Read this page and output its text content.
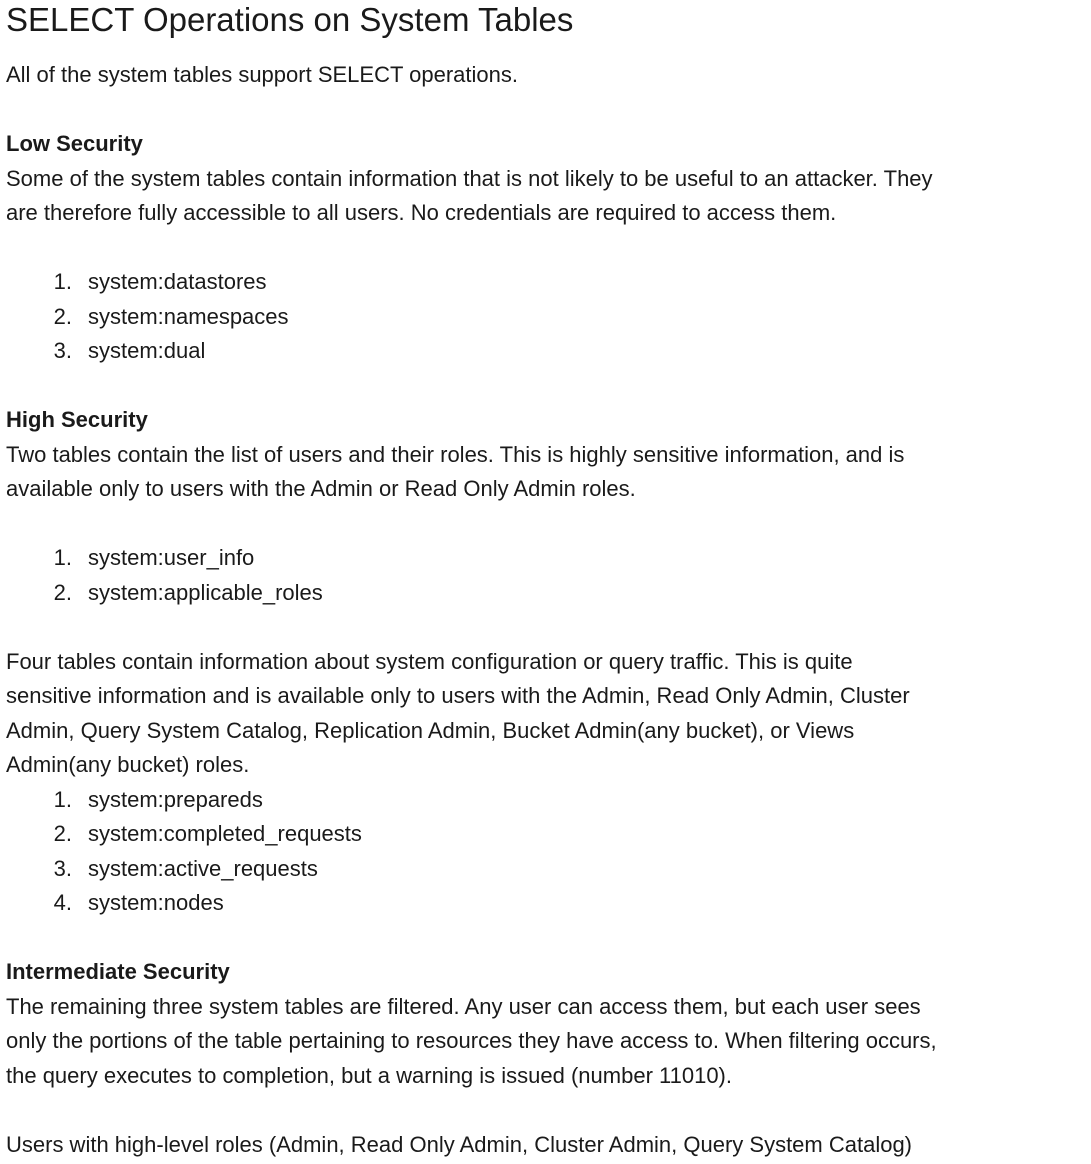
SELECT Operations on System Tables

All of the system tables support SELECT operations.

Low Security

Some of the system tables contain information that is not likely to be useful to an attacker. They

are therefore fully accessible to all users. No credentials are required to access them.

1. system:datastores
2. system:namespaces
3. system:dual
High Security

Two tables contain the list of users and their roles. This is highly sensitive information, and is

available only to users with the Admin or Read Only Admin roles.

1. system:user_info
2. system:applicable_roles

Four tables contain information about system configuration or query traffic. This is quite

sensitive information and is available only to users with the Admin, Read Only Admin, Cluster

Admin, Query System Catalog, Replication Admin, Bucket Admin(any bucket), or Views

Admin(any bucket) roles.

1. system:prepareds
2. system:completed_requests
3. system:active_requests
4. system:nodes
Intermediate Security

The remaining three system tables are filtered. Any user can access them, but each user sees

only the portions of the table pertaining to resources they have access to. When filtering occurs,

the query executes to completion, but a warning is issued (number 11010).

Users with high-level roles (Admin, Read Only Admin, Cluster Admin, Query System Catalog)
